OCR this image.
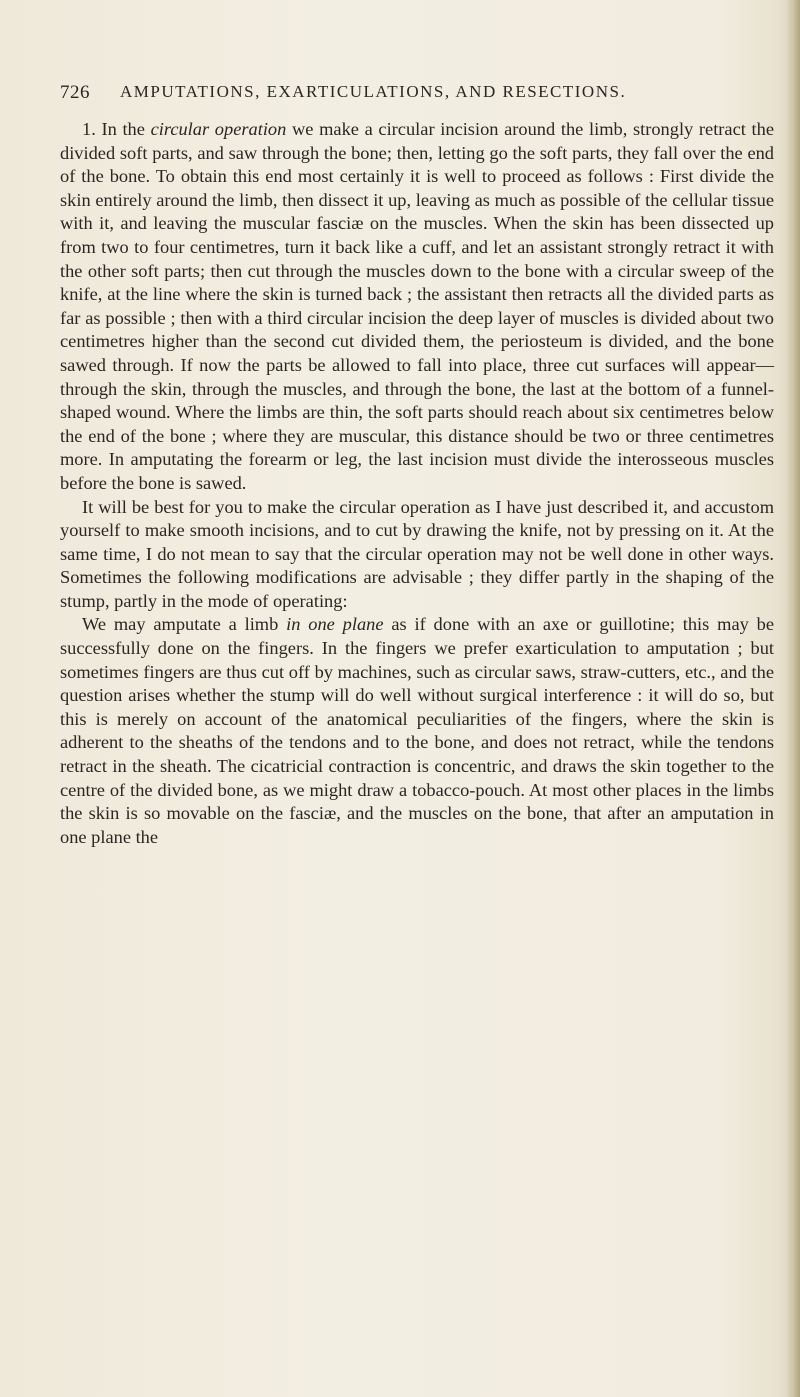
726 AMPUTATIONS, EXARTICULATIONS, AND RESECTIONS.

1. In the circular operation we make a circular incision around the limb, strongly retract the divided soft parts, and saw through the bone; then, letting go the soft parts, they fall over the end of the bone. To obtain this end most certainly it is well to proceed as follows : First divide the skin entirely around the limb, then dissect it up, leaving as much as possible of the cellular tissue with it, and leaving the muscular fasciæ on the muscles. When the skin has been dissected up from two to four centimetres, turn it back like a cuff, and let an assistant strongly retract it with the other soft parts; then cut through the muscles down to the bone with a circular sweep of the knife, at the line where the skin is turned back ; the assistant then retracts all the divided parts as far as possible ; then with a third circular incision the deep layer of muscles is divided about two centimetres higher than the second cut divided them, the periosteum is divided, and the bone sawed through. If now the parts be allowed to fall into place, three cut surfaces will appear— through the skin, through the muscles, and through the bone, the last at the bottom of a funnel-shaped wound. Where the limbs are thin, the soft parts should reach about six centimetres below the end of the bone ; where they are muscular, this distance should be two or three centimetres more. In amputating the forearm or leg, the last incision must divide the interosseous muscles before the bone is sawed.

It will be best for you to make the circular operation as I have just described it, and accustom yourself to make smooth incisions, and to cut by drawing the knife, not by pressing on it. At the same time, I do not mean to say that the circular operation may not be well done in other ways. Sometimes the following modifications are advisable ; they differ partly in the shaping of the stump, partly in the mode of operating:

We may amputate a limb in one plane as if done with an axe or guillotine; this may be successfully done on the fingers. In the fingers we prefer exarticulation to amputation ; but sometimes fingers are thus cut off by machines, such as circular saws, straw-cutters, etc., and the question arises whether the stump will do well without surgical interference : it will do so, but this is merely on account of the anatomical peculiarities of the fingers, where the skin is adherent to the sheaths of the tendons and to the bone, and does not retract, while the tendons retract in the sheath. The cicatricial contraction is concentric, and draws the skin together to the centre of the divided bone, as we might draw a tobacco-pouch. At most other places in the limbs the skin is so movable on the fasciæ, and the muscles on the bone, that after an amputation in one plane the
